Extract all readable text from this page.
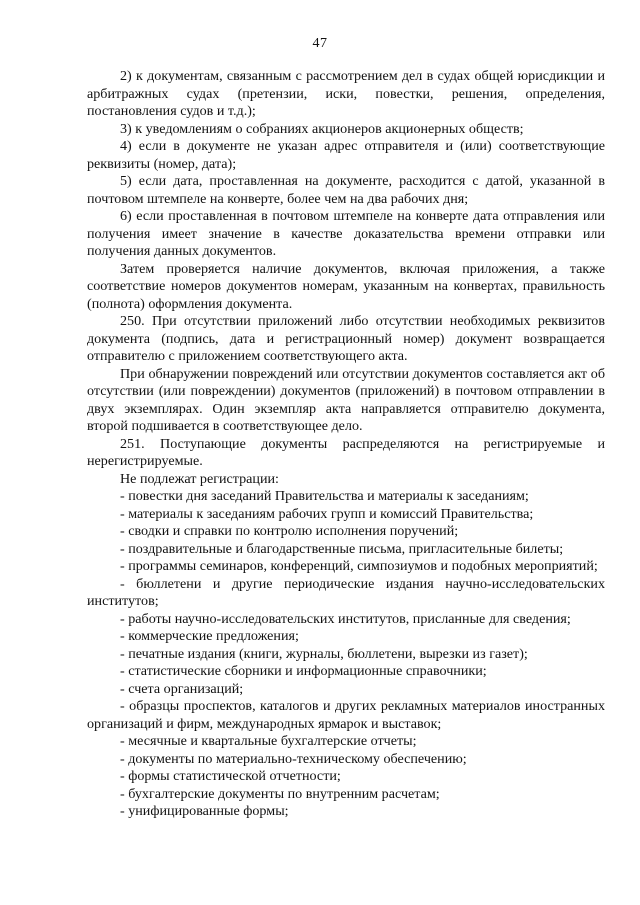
47

2) к документам, связанным с рассмотрением дел в судах общей юрисдикции и арбитражных судах (претензии, иски, повестки, решения, определения, постановления судов и т.д.);

3) к уведомлениям о собраниях акционеров акционерных обществ;

4) если в документе не указан адрес отправителя и (или) соответствующие реквизиты (номер, дата);

5) если дата, проставленная на документе, расходится с датой, указанной в почтовом штемпеле на конверте, более чем на два рабочих дня;

6) если проставленная в почтовом штемпеле на конверте дата отправления или получения имеет значение в качестве доказательства времени отправки или получения данных документов.

Затем проверяется наличие документов, включая приложения, а также соответствие номеров документов номерам, указанным на конвертах, правильность (полнота) оформления документа.

250. При отсутствии приложений либо отсутствии необходимых реквизитов документа (подпись, дата и регистрационный номер) документ возвращается отправителю с приложением соответствующего акта.

При обнаружении повреждений или отсутствии документов составляется акт об отсутствии (или повреждении) документов (приложений) в почтовом отправлении в двух экземплярах. Один экземпляр акта направляется отправителю документа, второй подшивается в соответствующее дело.

251. Поступающие документы распределяются на регистрируемые и нерегистрируемые.

Не подлежат регистрации:

- повестки дня заседаний Правительства и материалы к заседаниям;

- материалы к заседаниям рабочих групп и комиссий Правительства;

- сводки и справки по контролю исполнения поручений;

- поздравительные и благодарственные письма, пригласительные билеты;

- программы семинаров, конференций, симпозиумов и подобных мероприятий;

- бюллетени и другие периодические издания научно-исследовательских институтов;

- работы научно-исследовательских институтов, присланные для сведения;

- коммерческие предложения;

- печатные издания (книги, журналы, бюллетени, вырезки из газет);

- статистические сборники и информационные справочники;

- счета организаций;

- образцы проспектов, каталогов и других рекламных материалов иностранных организаций и фирм, международных ярмарок и выставок;

- месячные и квартальные бухгалтерские отчеты;

- документы по материально-техническому обеспечению;

- формы статистической отчетности;

- бухгалтерские документы по внутренним расчетам;

- унифицированные формы;
